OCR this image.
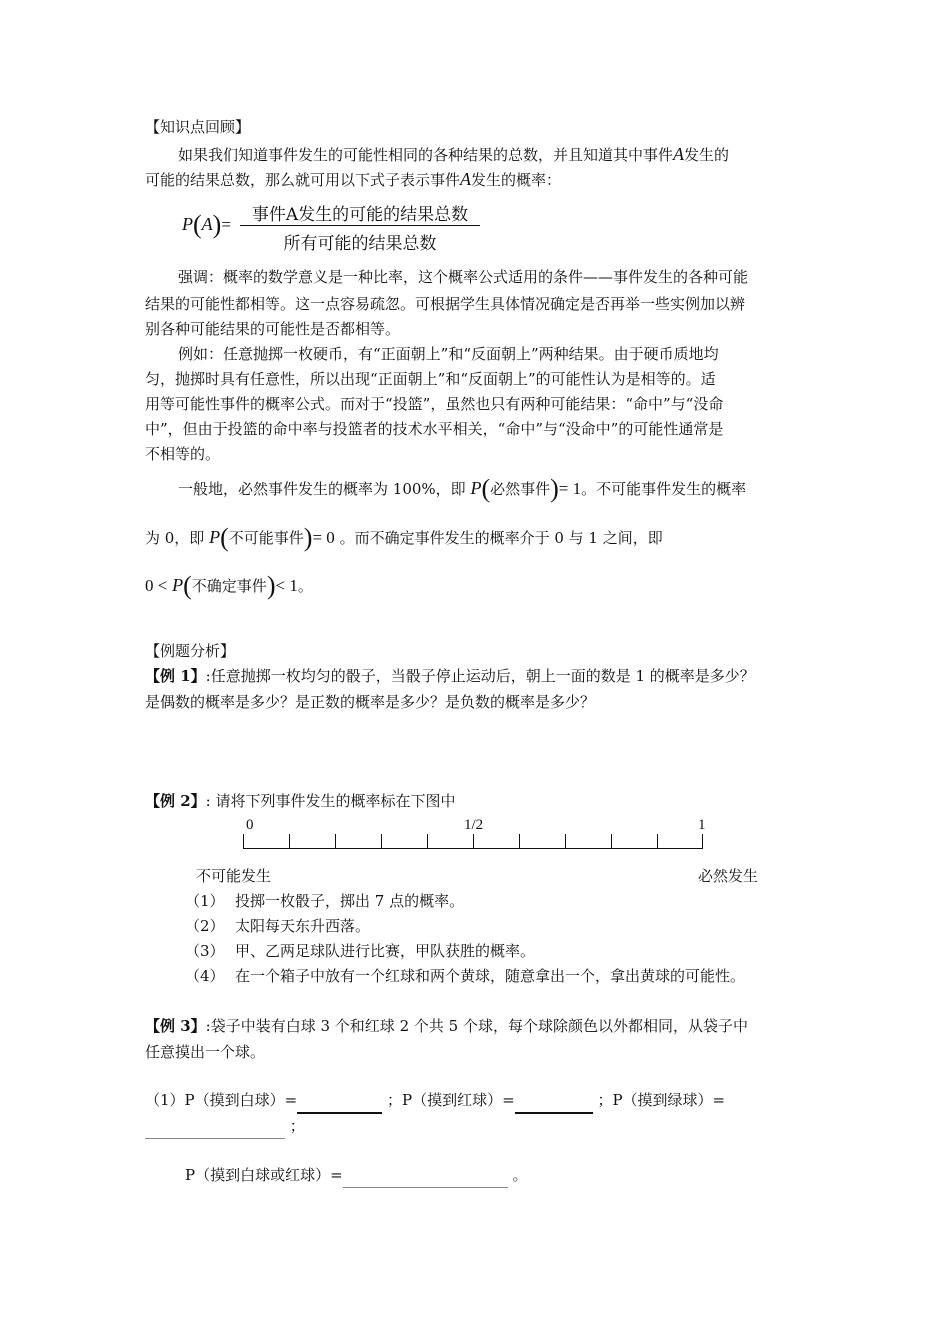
【知识点回顾】
如果我们知道事件发生的可能性相同的各种结果的总数，并且知道其中事件A发生的
可能的结果总数，那么就可用以下式子表示事件A发生的概率：
P(A)=	事件A发生的可能的结果总数
所有可能的结果总数
强调：概率的数学意义是一种比率，这个概率公式适用的条件——事件发生的各种可能
结果的可能性都相等。这一点容易疏忽。可根据学生具体情况确定是否再举一些实例加以辨
别各种可能结果的可能性是否都相等。
例如：任意抛掷一枚硬币，有“正面朝上”和“反面朝上”两种结果。由于硬币质地均
匀，抛掷时具有任意性，所以出现“正面朝上”和“反面朝上”的可能性认为是相等的。适
用等可能性事件的概率公式。而对于“投篮”，虽然也只有两种可能结果：“命中”与“没命
中”，但由于投篮的命中率与投篮者的技术水平相关，“命中”与“没命中”的可能性通常是
不相等的。
一般地，必然事件发生的概率为 100%，即 P(必然事件)= 1。不可能事件发生的概率
为 0，即 P(不可能事件)= 0 。而不确定事件发生的概率介于 0 与 1 之间，即
0 < P(不确定事件)< 1。
【例题分析】
【例 1】:任意抛掷一枚均匀的骰子，当骰子停止运动后，朝上一面的数是 1 的概率是多少？
是偶数的概率是多少？是正数的概率是多少？是负数的概率是多少？
【例 2】: 请将下列事件发生的概率标在下图中
0	1/2	1
不可能发生	必然发生
（1） 投掷一枚骰子，掷出 7 点的概率。
（2） 太阳每天东升西落。
（3） 甲、乙两足球队进行比赛，甲队获胜的概率。
（4） 在一个箱子中放有一个红球和两个黄球，随意拿出一个，拿出黄球的可能性。
【例 3】:袋子中装有白球 3 个和红球 2 个共 5 个球，每个球除颜色以外都相同，从袋子中
任意摸出一个球。
（1）P（摸到白球）=	；P（摸到红球）=	；P（摸到绿球）=
；
P（摸到白球或红球）=	。
